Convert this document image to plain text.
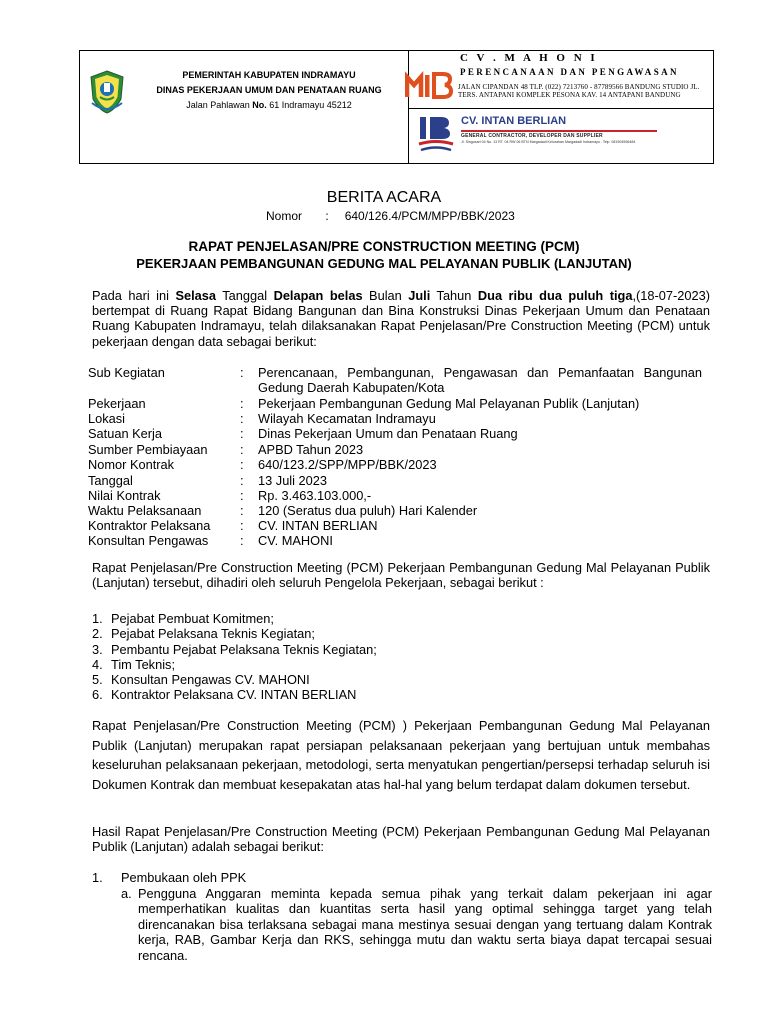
PEMERINTAH KABUPATEN INDRAMAYU
DINAS PEKERJAAN UMUM DAN PENATAAN RUANG
Jalan Pahlawan No. 61 Indramayu 45212
C V . M A H O N I
PERENCANAAN DAN PENGAWASAN
JALAN CIPANDAN 48 TLP. (022) 7213760 - 87789566 BANDUNG STUDIO JL. TERS. ANTAPANI KOMPLEK PESONA KAV. 14 ANTAPANI BANDUNG
CV. INTAN BERLIAN
GENERAL CONTRACTOR, DEVELOPER DAN SUPPLIER
Jl. Singosari 04 No. 13 RT. 04 RW 06 BTN Margadadi Kelurahan Margadadi Indramayu . Telp. 081904596484
BERITA ACARA
Nomor : 640/126.4/PCM/MPP/BBK/2023
RAPAT PENJELASAN/PRE CONSTRUCTION MEETING (PCM)
PEKERJAAN PEMBANGUNAN GEDUNG MAL PELAYANAN PUBLIK (LANJUTAN)
Pada hari ini Selasa Tanggal Delapan belas Bulan Juli Tahun Dua ribu dua puluh tiga,(18-07-2023) bertempat di Ruang Rapat Bidang Bangunan dan Bina Konstruksi Dinas Pekerjaan Umum dan Penataan Ruang Kabupaten Indramayu, telah dilaksanakan Rapat Penjelasan/Pre Construction Meeting (PCM) untuk pekerjaan dengan data sebagai berikut:
Sub Kegiatan	: Perencanaan, Pembangunan, Pengawasan dan Pemanfaatan Bangunan Gedung Daerah Kabupaten/Kota
Pekerjaan	: Pekerjaan Pembangunan Gedung Mal Pelayanan Publik (Lanjutan)
Lokasi	: Wilayah Kecamatan Indramayu
Satuan Kerja	: Dinas Pekerjaan Umum dan Penataan Ruang
Sumber Pembiayaan	: APBD Tahun 2023
Nomor Kontrak	: 640/123.2/SPP/MPP/BBK/2023
Tanggal	: 13 Juli 2023
Nilai Kontrak	: Rp. 3.463.103.000,-
Waktu Pelaksanaan	: 120 (Seratus dua puluh) Hari Kalender
Kontraktor Pelaksana : CV. INTAN BERLIAN
Konsultan Pengawas : CV. MAHONI
Rapat Penjelasan/Pre Construction Meeting (PCM) Pekerjaan Pembangunan Gedung Mal Pelayanan Publik (Lanjutan) tersebut, dihadiri oleh seluruh Pengelola Pekerjaan, sebagai berikut :
1. Pejabat Pembuat Komitmen;
2. Pejabat Pelaksana Teknis Kegiatan;
3. Pembantu Pejabat Pelaksana Teknis Kegiatan;
4. Tim Teknis;
5. Konsultan Pengawas CV. MAHONI
6. Kontraktor Pelaksana CV. INTAN BERLIAN
Rapat Penjelasan/Pre Construction Meeting (PCM) ) Pekerjaan Pembangunan Gedung Mal Pelayanan Publik (Lanjutan) merupakan rapat persiapan pelaksanaan pekerjaan yang bertujuan untuk membahas keseluruhan pelaksanaan pekerjaan, metodologi, serta menyatukan pengertian/persepsi terhadap seluruh isi Dokumen Kontrak dan membuat kesepakatan atas hal-hal yang belum terdapat dalam dokumen tersebut.
Hasil Rapat Penjelasan/Pre Construction Meeting (PCM) Pekerjaan Pembangunan Gedung Mal Pelayanan Publik (Lanjutan) adalah sebagai berikut:
1. Pembukaan oleh PPK
a. Pengguna Anggaran meminta kepada semua pihak yang terkait dalam pekerjaan ini agar memperhatikan kualitas dan kuantitas serta hasil yang optimal sehingga target yang telah direncanakan bisa terlaksana sebagai mana mestinya sesuai dengan yang tertuang dalam Kontrak kerja, RAB, Gambar Kerja dan RKS, sehingga mutu dan waktu serta biaya dapat tercapai sesuai rencana.
